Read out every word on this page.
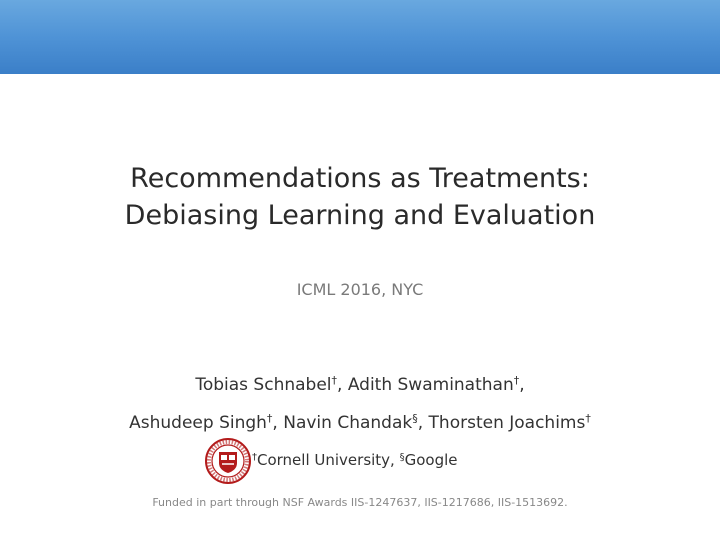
Recommendations as Treatments:
Debiasing Learning and Evaluation
ICML 2016, NYC
Tobias Schnabel†, Adith Swaminathan†,
Ashudeep Singh†, Navin Chandak§, Thorsten Joachims†
†Cornell University, §Google
Funded in part through NSF Awards IIS-1247637, IIS-1217686, IIS-1513692.
